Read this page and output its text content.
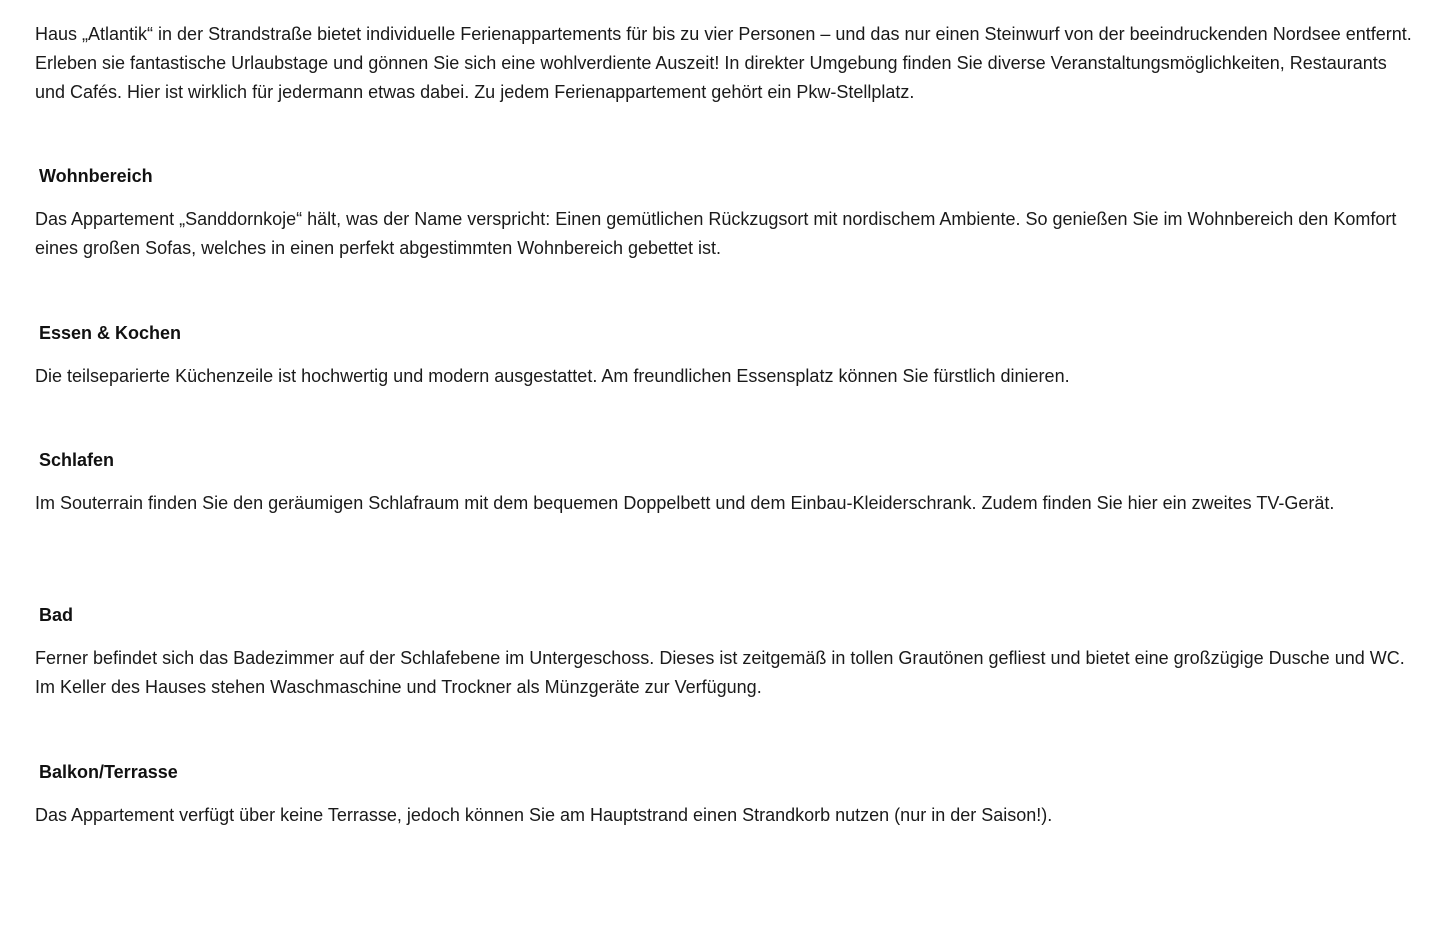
Haus „Atlantik“ in der Strandstraße bietet individuelle Ferienappartements für bis zu vier Personen – und das nur einen Steinwurf von der beeindruckenden Nordsee entfernt. Erleben sie fantastische Urlaubstage und gönnen Sie sich eine wohlverdiente Auszeit! In direkter Umgebung finden Sie diverse Veranstaltungsmöglichkeiten, Restaurants und Cafés. Hier ist wirklich für jedermann etwas dabei. Zu jedem Ferienappartement gehört ein Pkw-Stellplatz.

Wohnbereich

Das Appartement „Sanddornkoje“ hält, was der Name verspricht: Einen gemütlichen Rückzugsort mit nordischem Ambiente. So genießen Sie im Wohnbereich den Komfort eines großen Sofas, welches in einen perfekt abgestimmten Wohnbereich gebettet ist.

Essen & Kochen

Die teilseparierte Küchenzeile ist hochwertig und modern ausgestattet. Am freundlichen Essensplatz können Sie fürstlich dinieren.

Schlafen

Im Souterrain finden Sie den geräumigen Schlafraum mit dem bequemen Doppelbett und dem Einbau-Kleiderschrank. Zudem finden Sie hier ein zweites TV-Gerät.

Bad

Ferner befindet sich das Badezimmer auf der Schlafebene im Untergeschoss. Dieses ist zeitgemäß in tollen Grautönen gefliest und bietet eine großzügige Dusche und WC. Im Keller des Hauses stehen Waschmaschine und Trockner als Münzgeräte zur Verfügung.

Balkon/Terrasse

Das Appartement verfügt über keine Terrasse, jedoch können Sie am Hauptstrand einen Strandkorb nutzen (nur in der Saison!).
